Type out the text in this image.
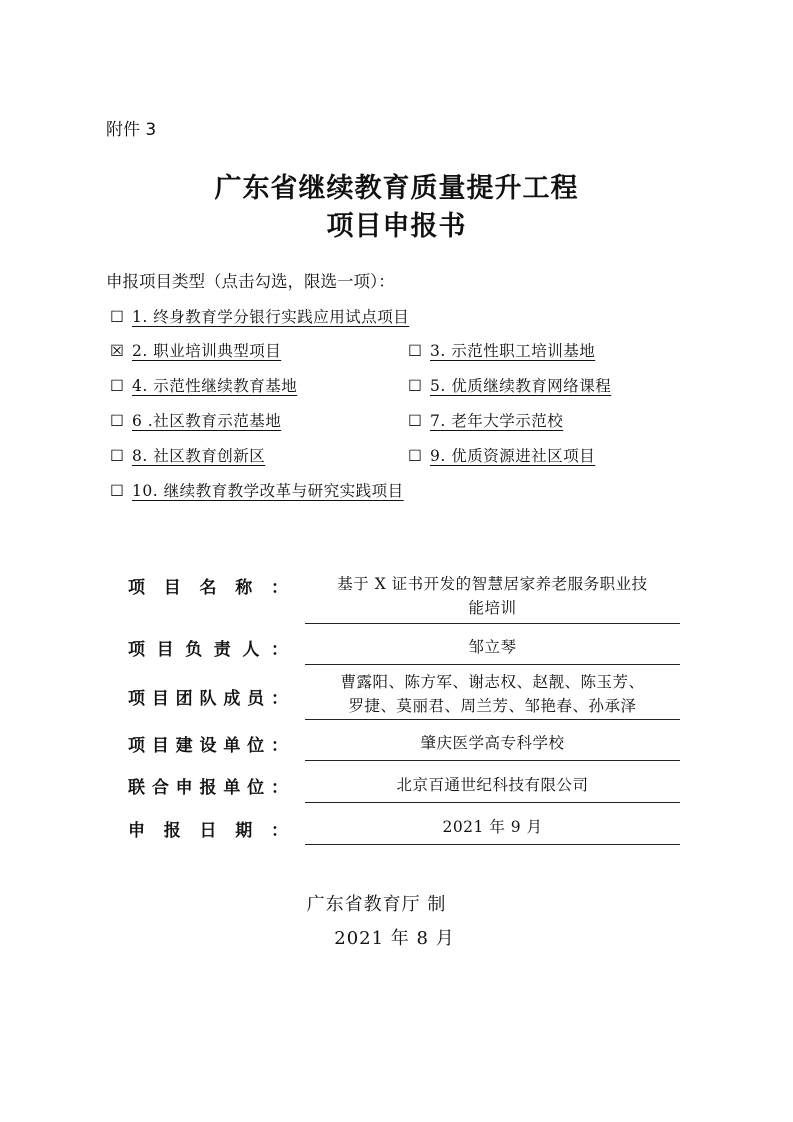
附件 3
广东省继续教育质量提升工程
项目申报书
申报项目类型（点击勾选，限选一项）：
☐ 1. 终身教育学分银行实践应用试点项目
☒ 2. 职业培训典型项目	☐ 3. 示范性职工培训基地
☐ 4. 示范性继续教育基地	☐ 5. 优质继续教育网络课程
☐ 6 .社区教育示范基地	☐ 7. 老年大学示范校
☐ 8. 社区教育创新区	☐ 9. 优质资源进社区项目
☐ 10. 继续教育教学改革与研究实践项目
项目名称：	基于 X 证书开发的智慧居家养老服务职业技
能培训
项目负责人：	邹立琴
项目团队成员：
曹露阳、陈方军、谢志权、赵靓、陈玉芳、
罗捷、莫丽君、周兰芳、邹艳春、孙承泽
项目建设单位：	肇庆医学高专科学校
联合申报单位：	北京百通世纪科技有限公司
申报日期：	2021 年 9 月
广东省教育厅 制
2021 年 8 月
